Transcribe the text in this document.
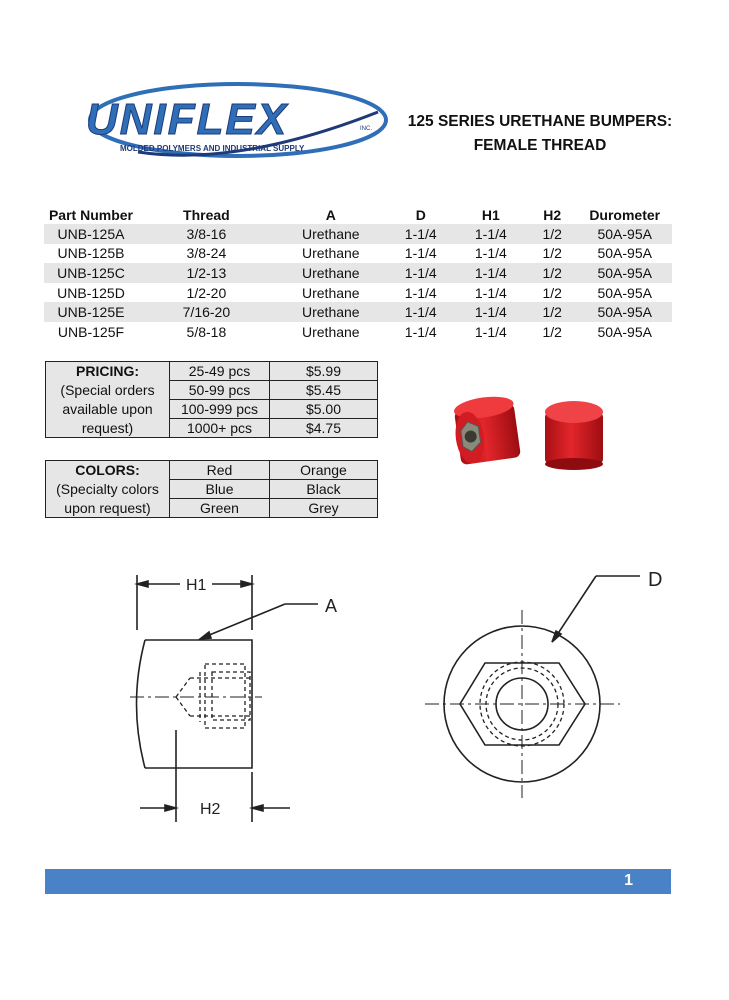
UNIFLEX	INC.
MOLDED POLYMERS AND INDUSTRIAL SUPPLY
125 SERIES URETHANE BUMPERS:
FEMALE THREAD
Part Number	Thread	A	D	H1	H2	Durometer
UNB-125A	3/8-16	Urethane	1-1/4	1-1/4	1/2	50A-95A
UNB-125B	3/8-24	Urethane	1-1/4	1-1/4	1/2	50A-95A
UNB-125C	1/2-13	Urethane	1-1/4	1-1/4	1/2	50A-95A
UNB-125D	1/2-20	Urethane	1-1/4	1-1/4	1/2	50A-95A
UNB-125E	7/16-20	Urethane	1-1/4	1-1/4	1/2	50A-95A
UNB-125F	5/8-18	Urethane	1-1/4	1-1/4	1/2	50A-95A
PRICING:	25-49 pcs	$5.99
(Special orders	50-99 pcs	$5.45
available upon	100-999 pcs	$5.00
request)	1000+ pcs	$4.75
COLORS:	Red	Orange
(Specialty colors	Blue	Black
upon request)	Green	Grey
H1
A
H2
D
1
